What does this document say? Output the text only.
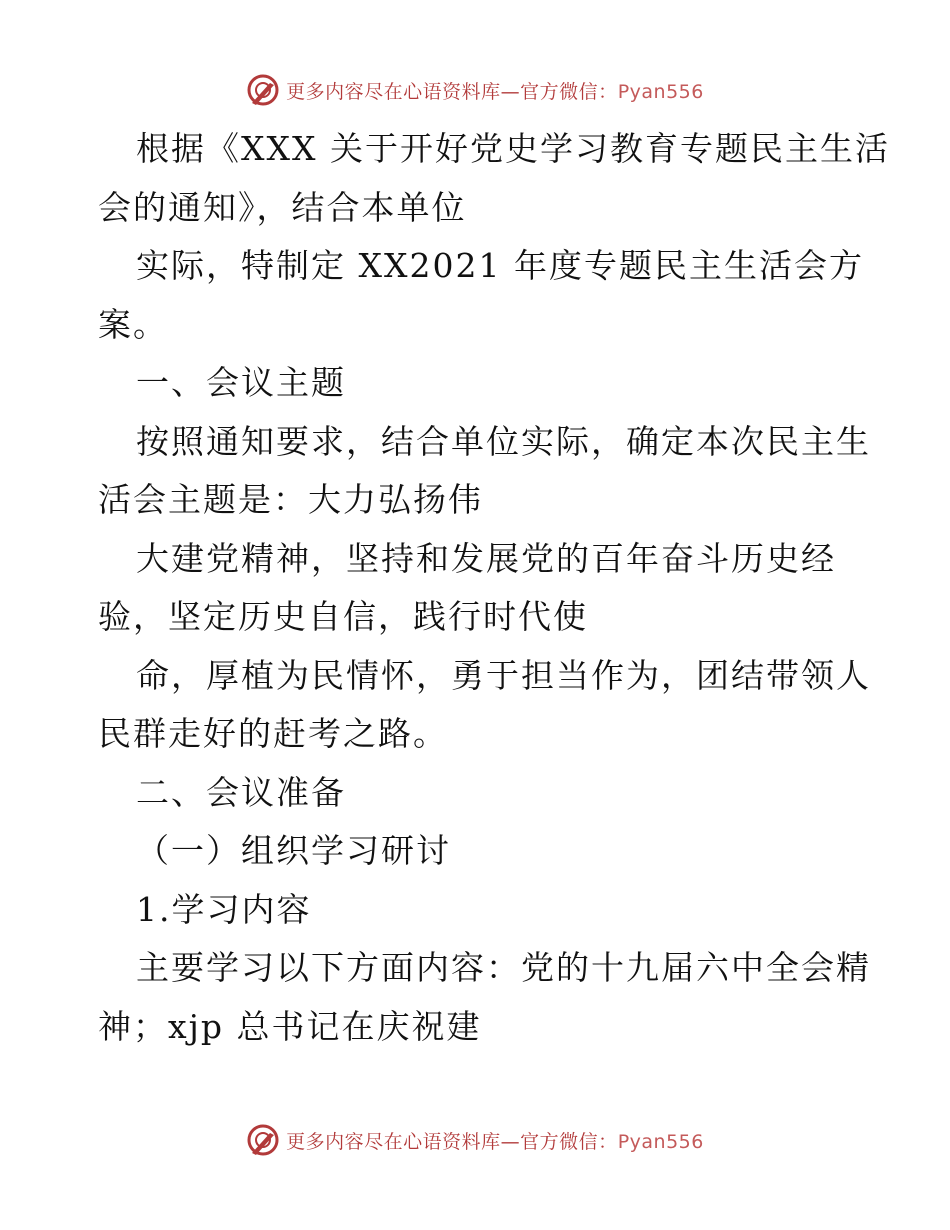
更多内容尽在心语资料库—官方微信：Pyan556
根据《XXX 关于开好党史学习教育专题民主生活
会的通知》，结合本单位
实际，特制定 XX2021 年度专题民主生活会方
案。
一、会议主题
按照通知要求，结合单位实际，确定本次民主生
活会主题是：大力弘扬伟
大建党精神，坚持和发展党的百年奋斗历史经
验，坚定历史自信，践行时代使
命，厚植为民情怀，勇于担当作为，团结带领人
民群走好的赶考之路。
二、会议准备
（一）组织学习研讨
1.学习内容
主要学习以下方面内容：党的十九届六中全会精
神；xjp 总书记在庆祝建
更多内容尽在心语资料库—官方微信：Pyan556
